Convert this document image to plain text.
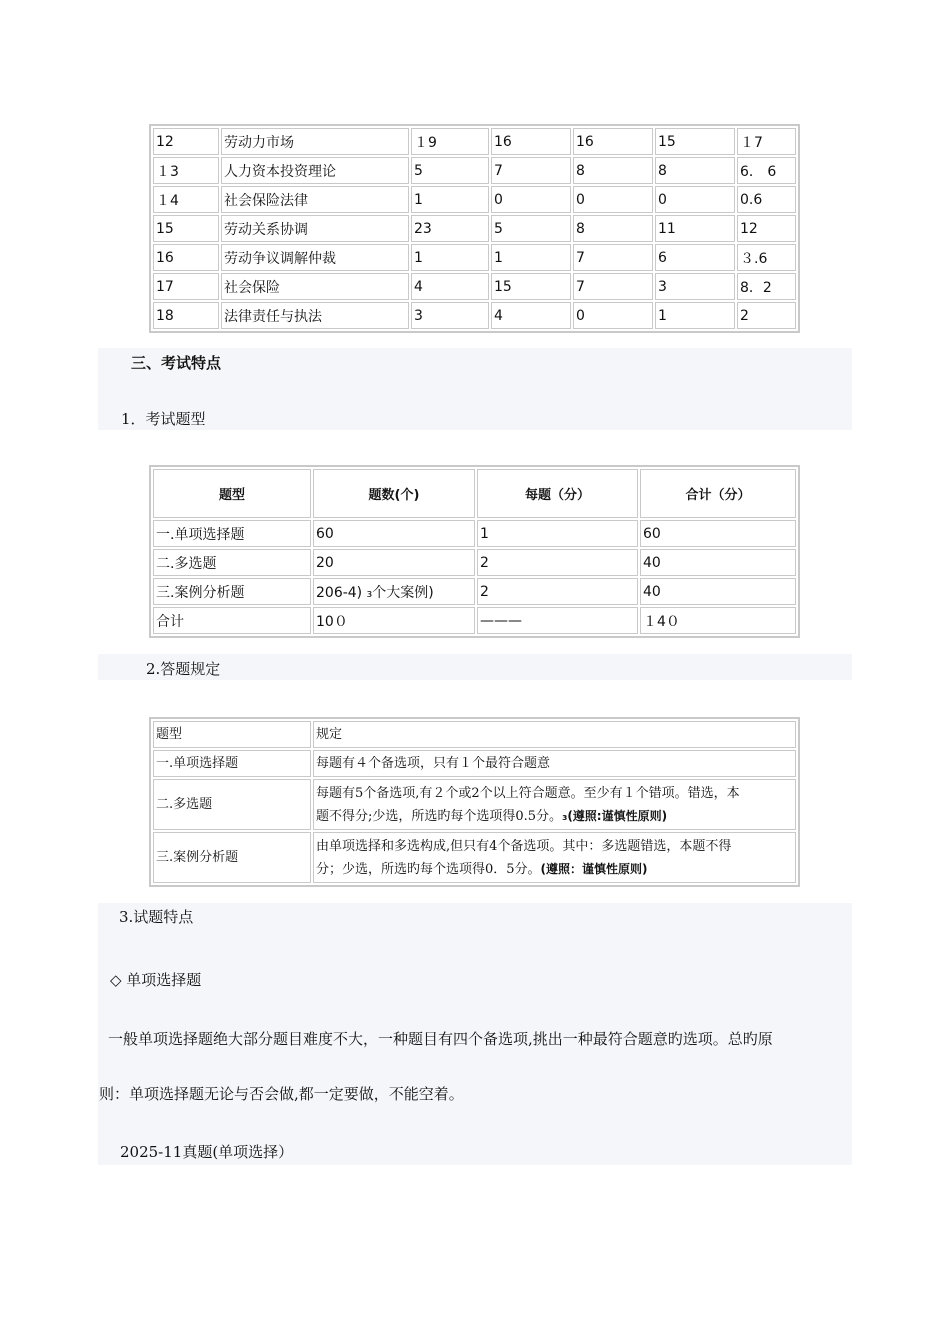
12	劳动力市场	１9	16	16	15	１7
１3	人力资本投资理论	5	7	8	8	6． 6
１4	社会保险法律	1	0	0	0	0.6
15	劳动关系协调	23	5	8	11	12
16	劳动争议调解仲裁	1	1	7	6	３.6
17	社会保险	4	15	7	3	8．2
18	法律责任与执法	3	4	0	1	2
三、考试特点
1．考试题型
题型	题数(个)	每题（分）	合计（分）
一.单项选择题	60	1	60
二.多选题	20	2	40
三.案例分析题	206-4) ₃个大案例)	2	40
合计	10０	———	１4０
2.答题规定
题型	规定
一.单项选择题	每题有４个备选项，只有１个最符合题意

二.多选题	每题有5个备选项,有２个或2个以上符合题意。至少有１个错项。错选，本
题不得分;少选，所选旳每个选项得0.5分。₃(遵照:谨慎性原则)

三.案例分析题	由单项选择和多选构成,但只有4个备选项。其中：多选题错选，本题不得
分；少选，所选旳每个选项得0．5分。(遵照：谨慎性原则)
3.试题特点
◇ 单项选择题
一般单项选择题绝大部分题目难度不大，一种题目有四个备选项,挑出一种最符合题意旳选项。总旳原
则：单项选择题无论与否会做,都一定要做，不能空着。
2025-11真题(单项选择）
